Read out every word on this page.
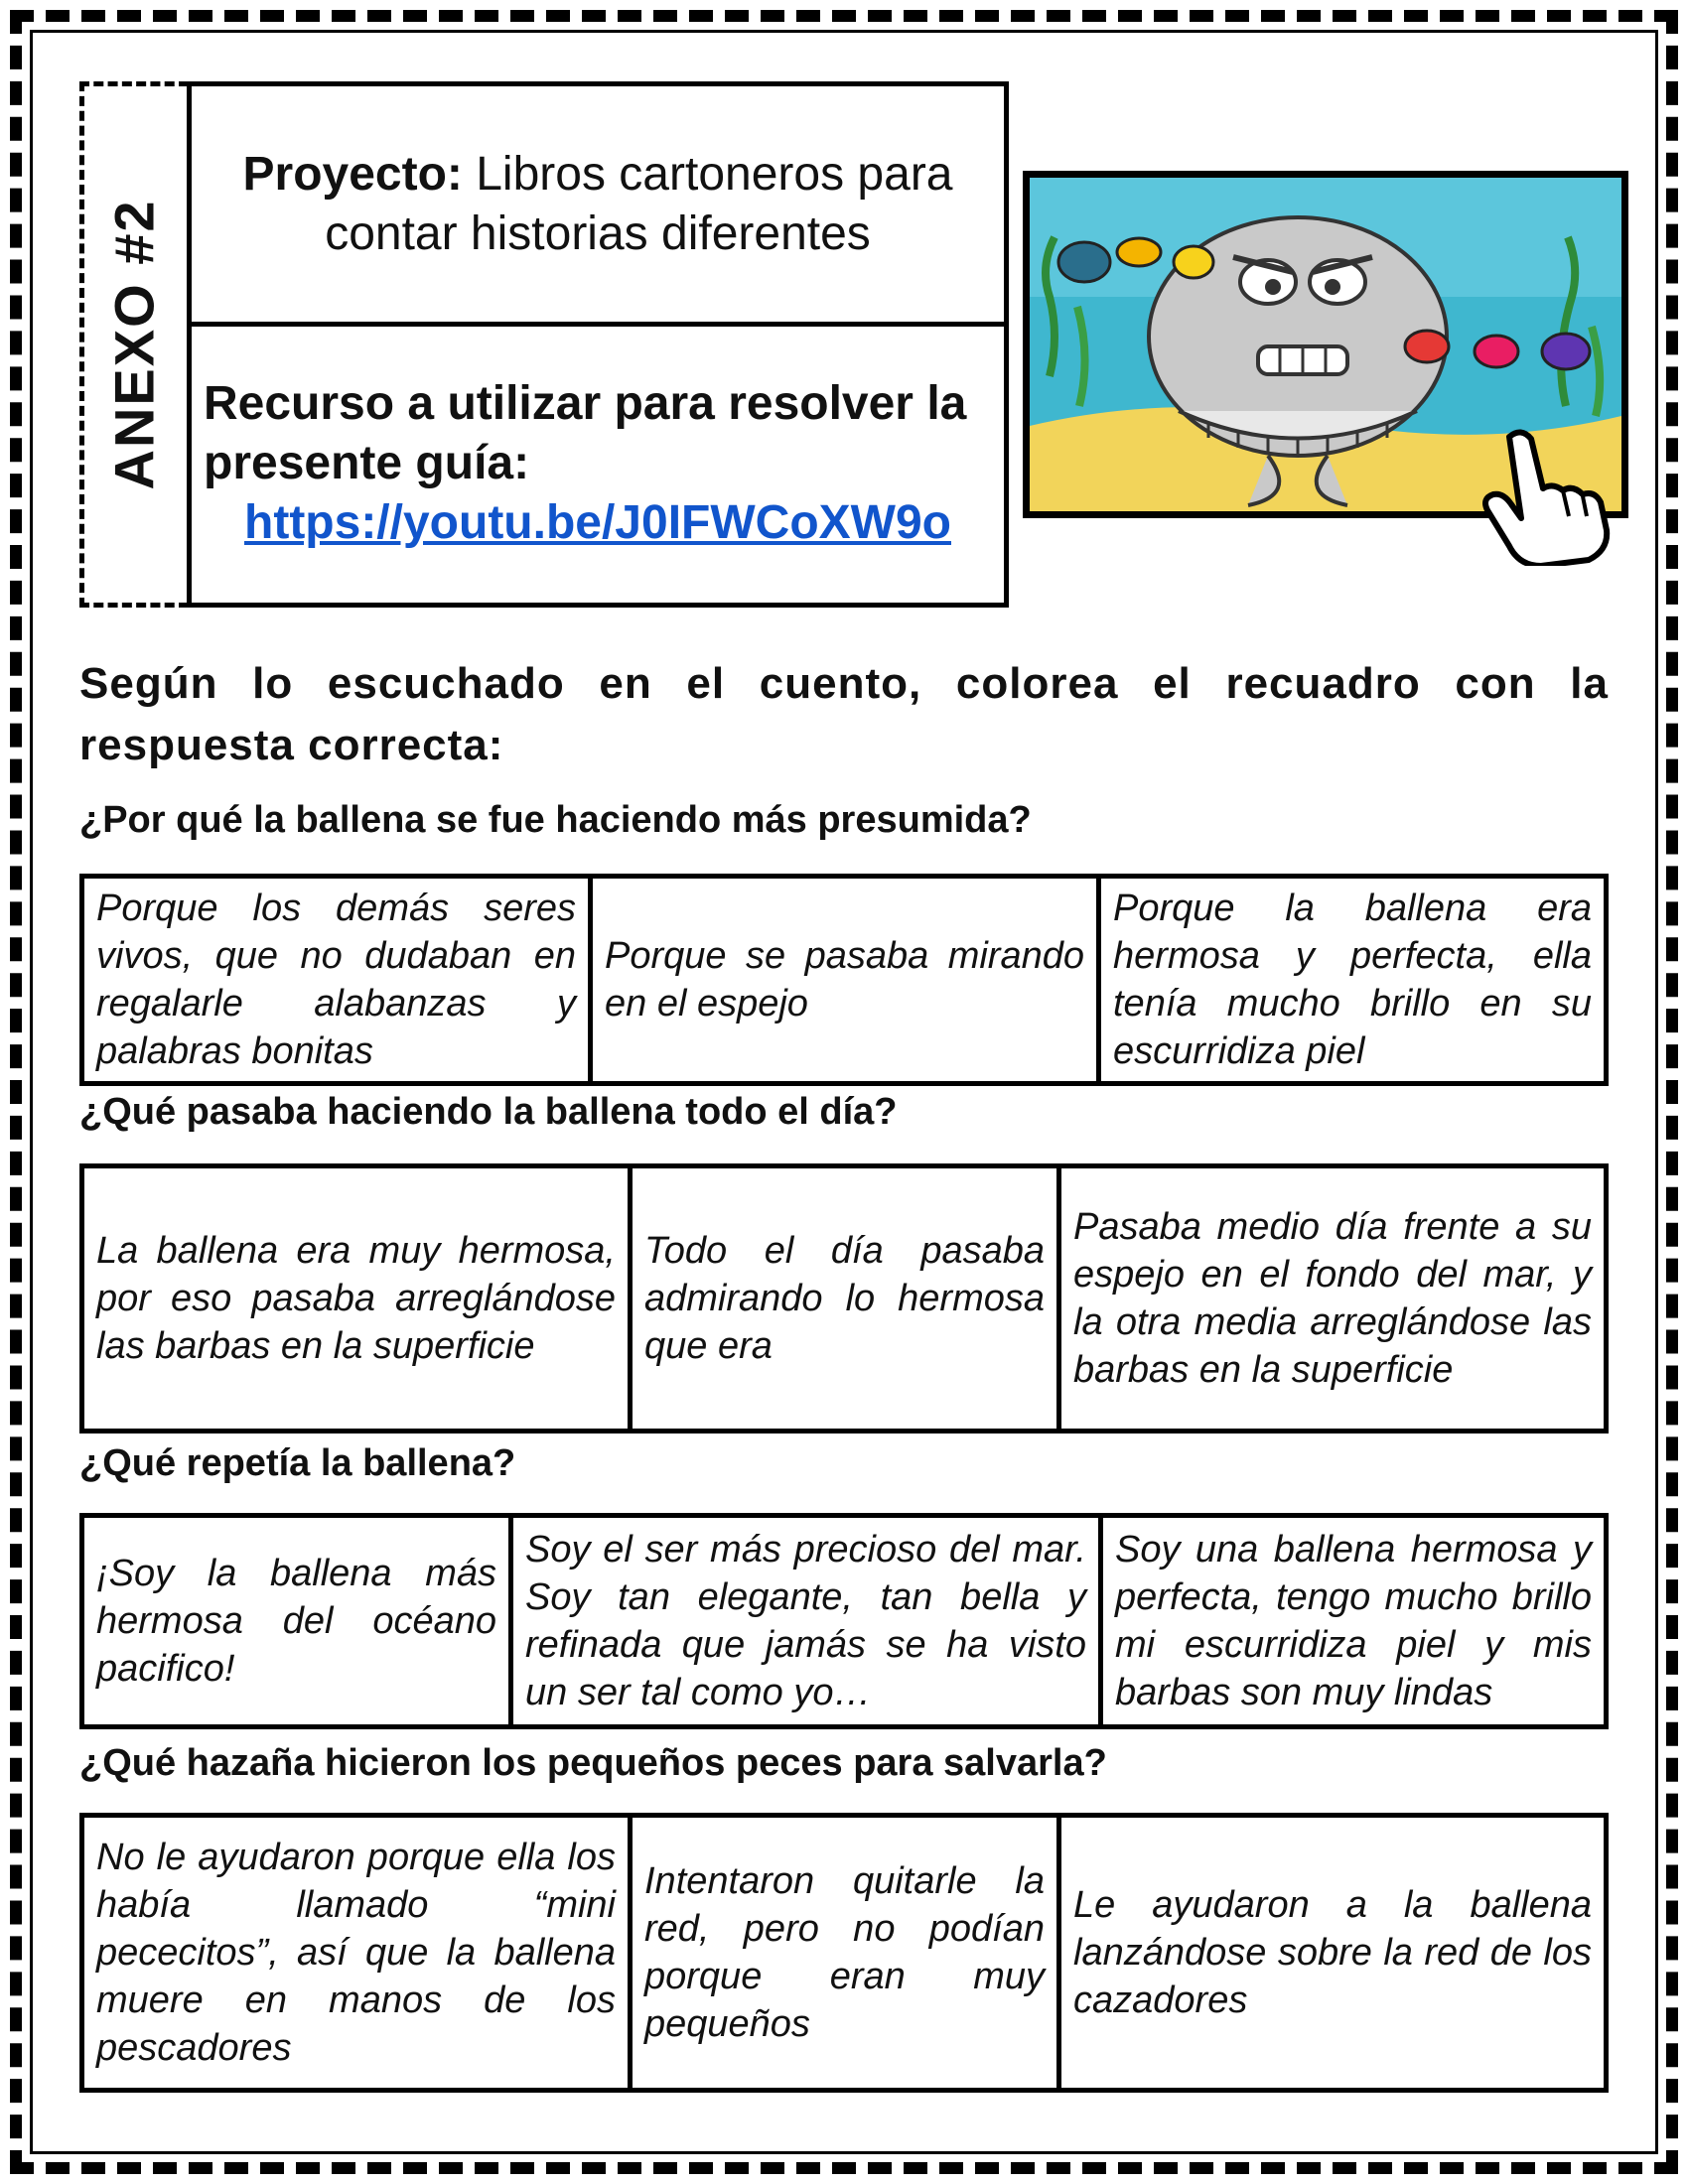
ANEXO #2
Proyecto: Libros cartoneros para contar historias diferentes
Recurso a utilizar para resolver la presente guía:
https://youtu.be/J0IFWCoXW9o
Según lo escuchado en el cuento, colorea el recuadro con la respuesta correcta:
¿Por qué la ballena se fue haciendo más presumida?
Porque los demás seres vivos, que no dudaban en regalarle alabanzas y palabras bonitas
Porque se pasaba mirando en el espejo
Porque la ballena era hermosa y perfecta, ella tenía mucho brillo en su escurridiza piel
¿Qué pasaba haciendo la ballena todo el día?
La ballena era muy hermosa, por eso pasaba arreglándose las barbas en la superficie
Todo el día pasaba admirando lo hermosa que era
Pasaba medio día frente a su espejo en el fondo del mar, y la otra media arreglándose las barbas en la superficie
¿Qué repetía la ballena?
¡Soy la ballena más hermosa del océano pacifico!
Soy el ser más precioso del mar. Soy tan elegante, tan bella y refinada que jamás se ha visto un ser tal como yo…
Soy una ballena hermosa y perfecta, tengo mucho brillo mi escurridiza piel y mis barbas son muy lindas
¿Qué hazaña hicieron los pequeños peces para salvarla?
No le ayudaron porque ella los había llamado “mini pececitos”, así que la ballena muere en manos de los pescadores
Intentaron quitarle la red, pero no podían porque eran muy pequeños
Le ayudaron a la ballena lanzándose sobre la red de los cazadores
